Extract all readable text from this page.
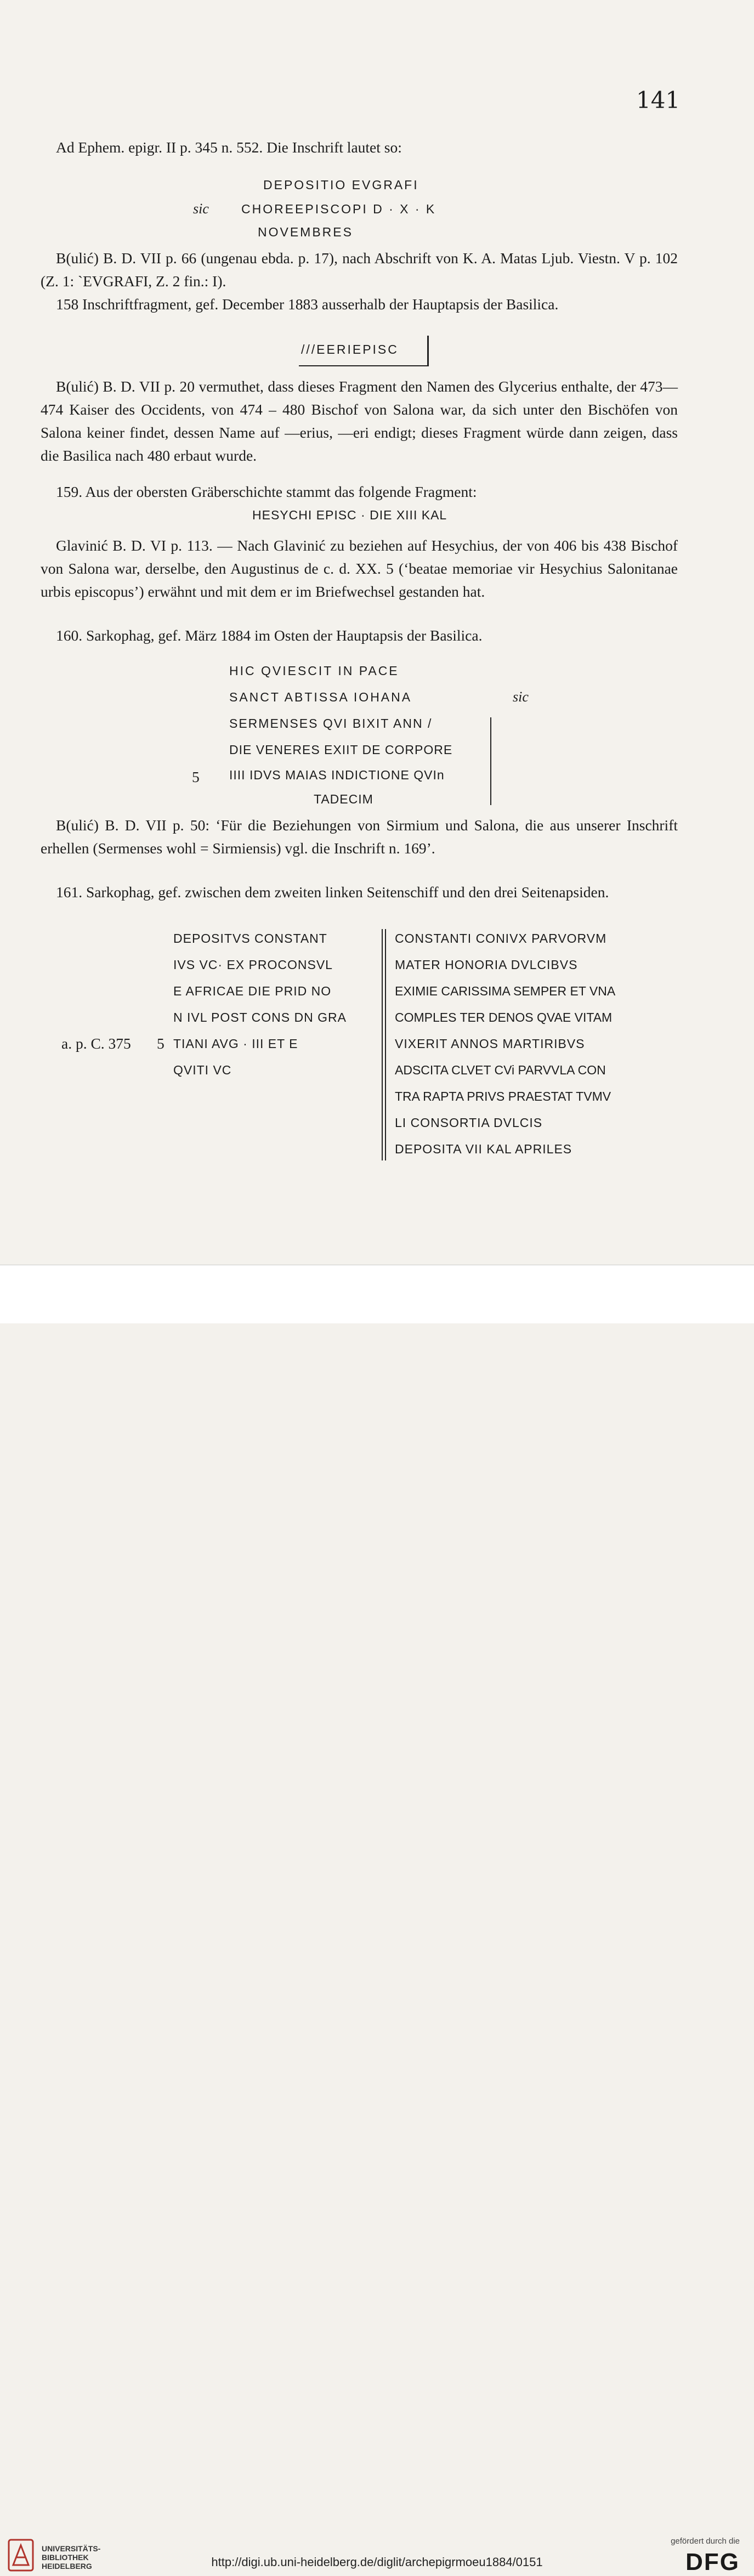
141
Ad Ephem. epigr. II p. 345 n. 552. Die Inschrift lautet so:
DEPOSITIO EVGRAFI
sic	CHOREEPISCOPI D · X · K
NOVEMBRES
B(ulić) B. D. VII p. 66 (ungenau ebda. p. 17), nach Abschrift von K. A. Matas Ljub. Viestn. V p. 102 (Z. 1: ˋEVGRAFI, Z. 2 fin.: I).
158 Inschriftfragment, gef. December 1883 ausserhalb der Hauptapsis der Basilica.
///EERIEPISC
B(ulić) B. D. VII p. 20 vermuthet, dass dieses Fragment den Namen des Glycerius enthalte, der 473—474 Kaiser des Occidents, von 474 – 480 Bischof von Salona war, da sich unter den Bischöfen von Salona keiner findet, dessen Name auf —erius, —eri endigt; dieses Fragment würde dann zeigen, dass die Basilica nach 480 erbaut wurde.
159. Aus der obersten Gräberschichte stammt das folgende Fragment:
HESYCHI EPISC · DIE XIII KAL
Glavinić B. D. VI p. 113. — Nach Glavinić zu beziehen auf Hesychius, der von 406 bis 438 Bischof von Salona war, derselbe, den Augustinus de c. d. XX. 5 (‘beatae memoriae vir Hesychius Salonitanae urbis episcopus’) erwähnt und mit dem er im Briefwechsel gestanden hat.
160. Sarkophag, gef. März 1884 im Osten der Hauptapsis der Basilica.
HIC QVIESCIT IN PACE
SANCT ABTISSA IOHANA	sic
SERMENSES QVI BIXIT ANN /
DIE VENERES EXIIT DE CORPORE
5	IIII IDVS MAIAS INDICTIONE QVIn
TADECIM
B(ulić) B. D. VII p. 50: ‘Für die Beziehungen von Sirmium und Salona, die aus unserer Inschrift erhellen (Sermenses wohl = Sirmiensis) vgl. die Inschrift n. 169’.
161. Sarkophag, gef. zwischen dem zweiten linken Seitenschiff und den drei Seitenapsiden.
DEPOSITVS CONSTANT
IVS VC· EX PROCONSVL
E AFRICAE DIE PRID NO
N IVL POST CONS DN GRA
a. p. C. 375	5 TIANI AVG · III ET E
QVITI VC
CONSTANTI CONIVX PARVORVM
MATER HONORIA DVLCIBVS
EXIMIE CARISSIMA SEMPER ET VNA
COMPLES TER DENOS QVAE VITAM
VIXERIT ANNOS MARTIRIBVS
ADSCITA CLVET CVi PARVVLA CON
TRA RAPTA PRIVS PRAESTAT TVMV
LI CONSORTIA DVLCIS
DEPOSITA VII KAL APRILES
UNIVERSITÄTS-
BIBLIOTHEK
HEIDELBERG	http://digi.ub.uni-heidelberg.de/diglit/archepigrmoeu1884/0151
gefördert durch die
DFG
